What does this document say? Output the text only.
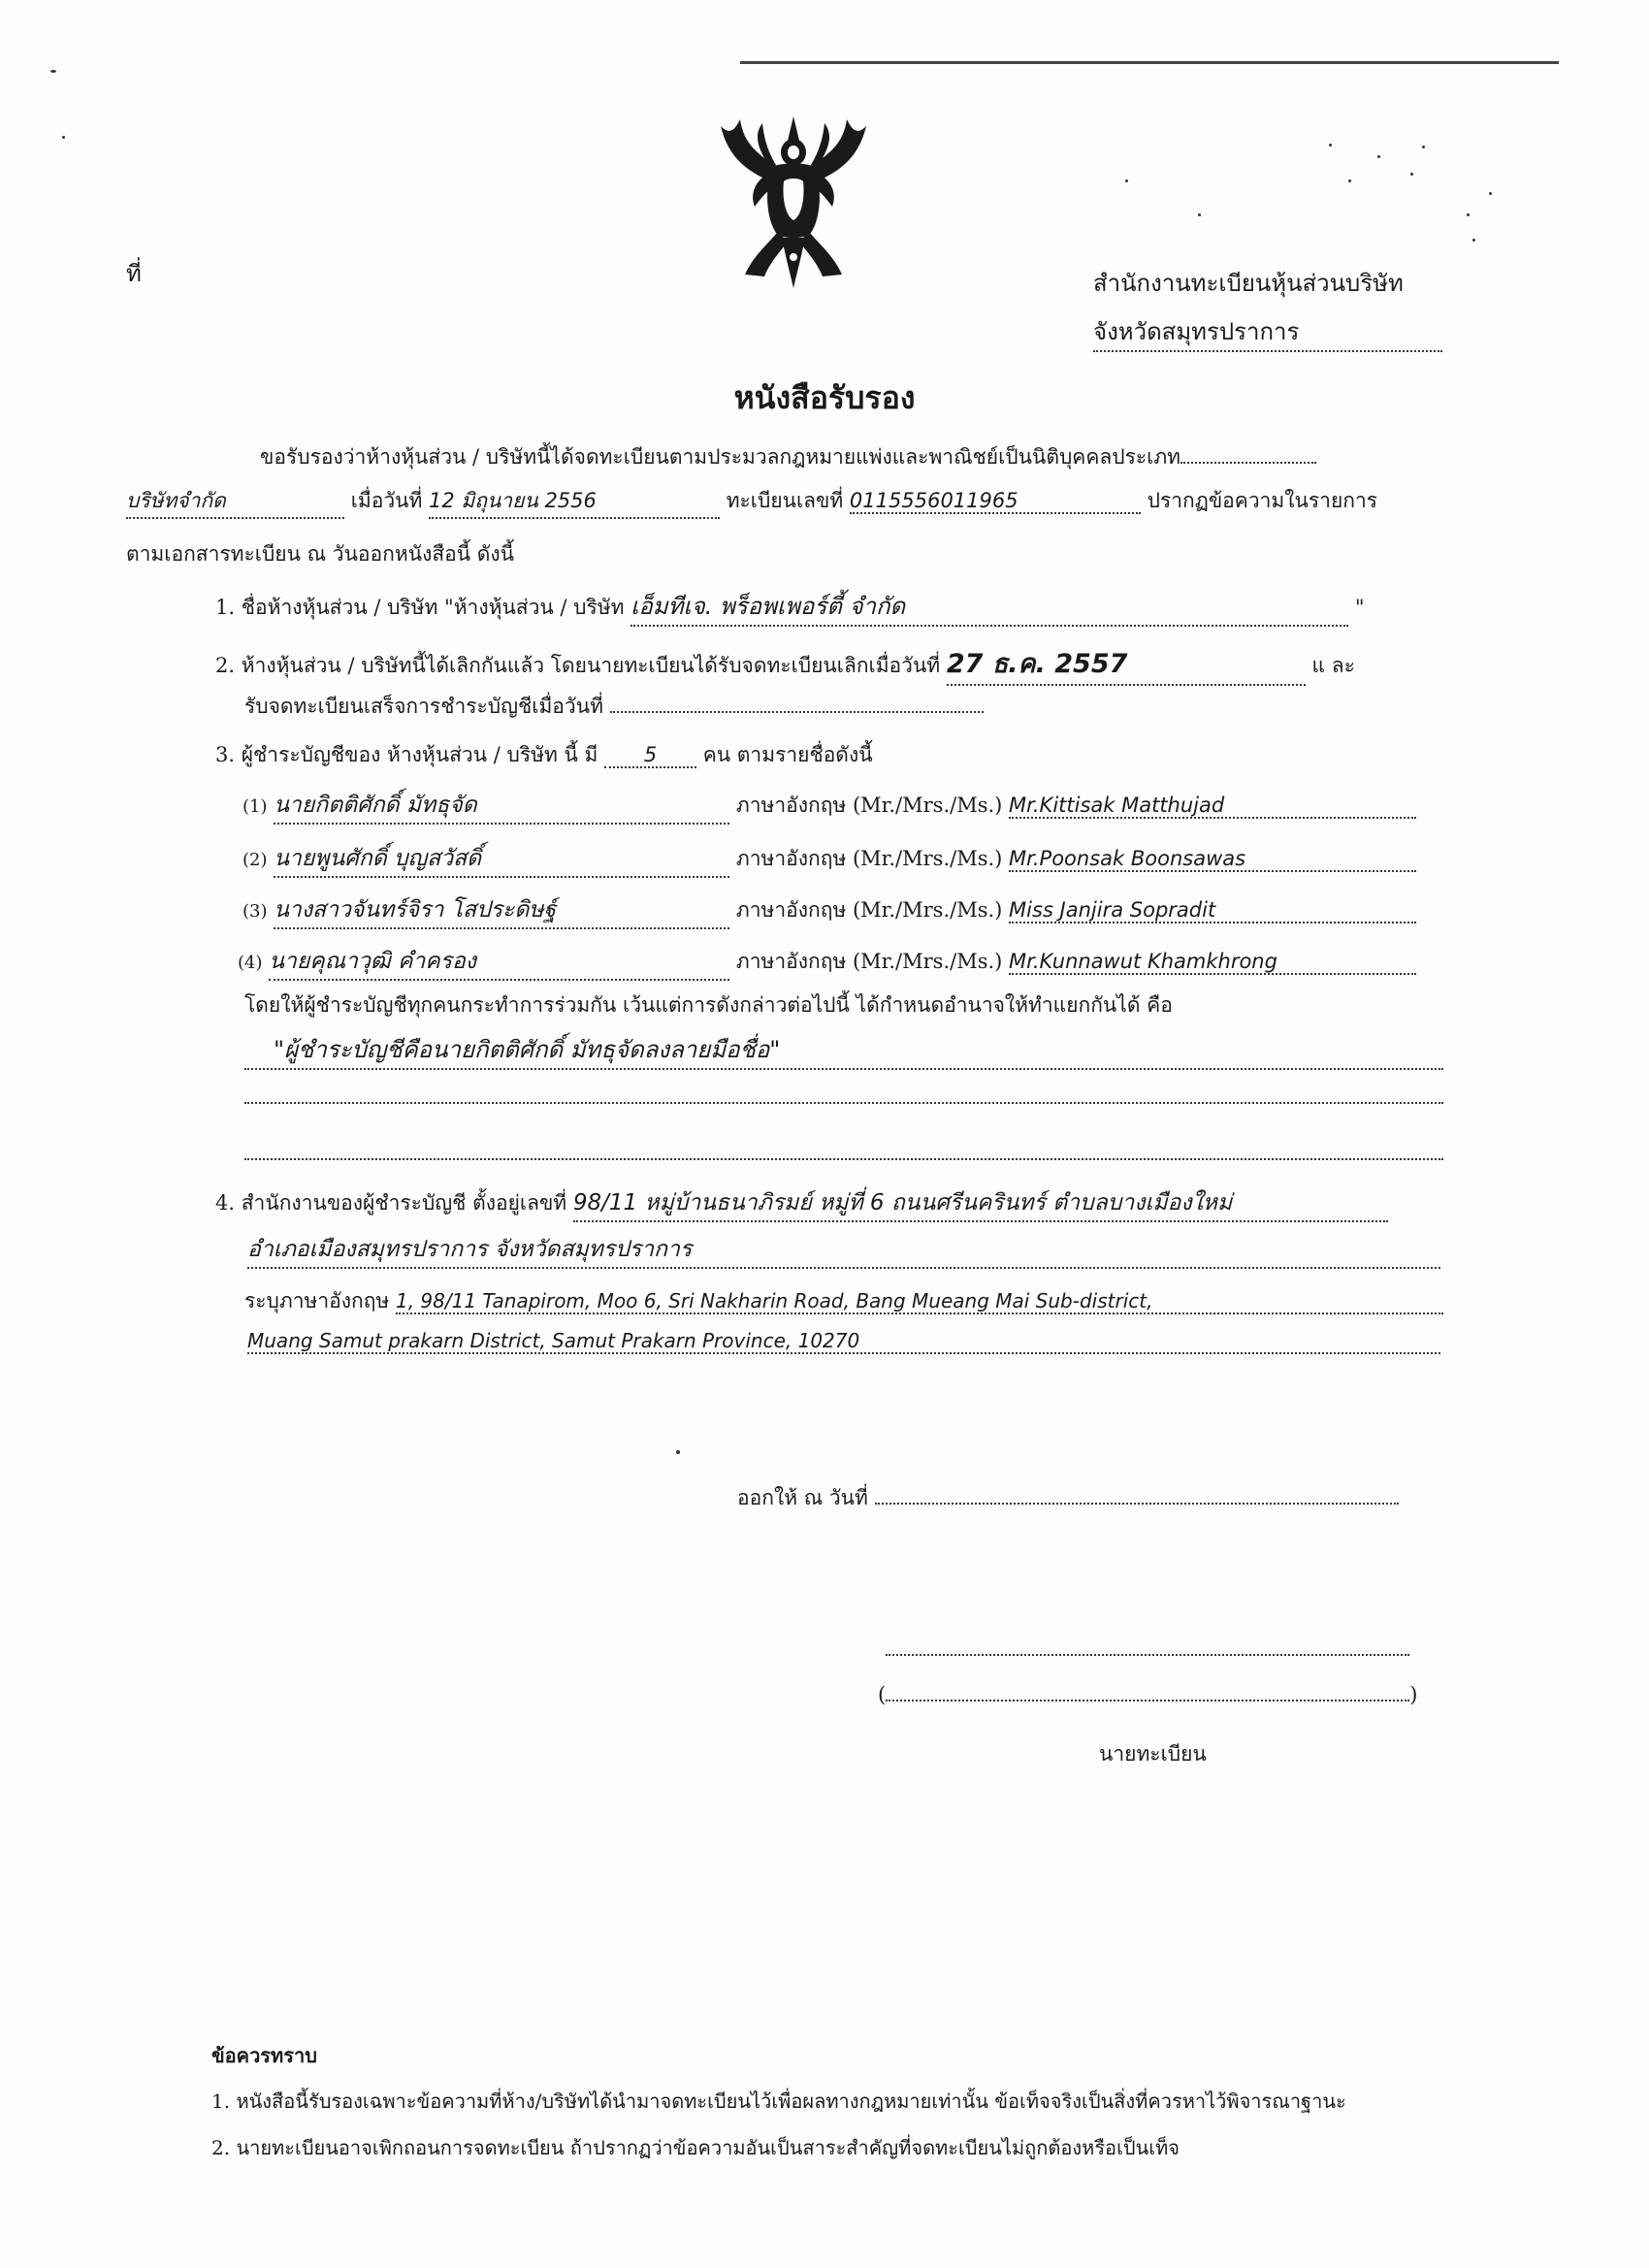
ที่	สำนักงานทะเบียนหุ้นส่วนบริษัท
จังหวัดสมุทรปราการ
หนังสือรับรอง
ขอรับรองว่าห้างหุ้นส่วน / บริษัทนี้ได้จดทะเบียนตามประมวลกฎหมายแพ่งและพาณิชย์เป็นนิติบุคคลประเภท
บริษัทจำกัด	เมื่อวันที่ 12 มิถุนายน 2556	ทะเบียนเลขที่ 0115556011965	ปรากฏข้อความในรายการ
ตามเอกสารทะเบียน ณ วันออกหนังสือนี้ ดังนี้
1. ชื่อห้างหุ้นส่วน / บริษัท "ห้างหุ้นส่วน / บริษัท เอ็มทีเจ. พร็อพเพอร์ตี้ จำกัด	"
2. ห้างหุ้นส่วน / บริษัทนี้ได้เลิกกันแล้ว โดยนายทะเบียนได้รับจดทะเบียนเลิกเมื่อวันที่ 27 ธ.ค. 2557	แ ละ
รับจดทะเบียนเสร็จการชำระบัญชีเมื่อวันที่
3. ผู้ชำระบัญชีของ ห้างหุ้นส่วน / บริษัท นี้ มี 5 คน ตามรายชื่อดังนี้
(1) นายกิตติศักดิ์ มัทธุจัด	ภาษาอังกฤษ (Mr./Mrs./Ms.) Mr.Kittisak Matthujad
(2) นายพูนศักดิ์ บุญสวัสดิ์	ภาษาอังกฤษ (Mr./Mrs./Ms.) Mr.Poonsak Boonsawas
(3) นางสาวจันทร์จิรา โสประดิษฐ์	ภาษาอังกฤษ (Mr./Mrs./Ms.) Miss Janjira Sopradit
(4) นายคุณาวุฒิ คำครอง	ภาษาอังกฤษ (Mr./Mrs./Ms.) Mr.Kunnawut Khamkhrong
โดยให้ผู้ชำระบัญชีทุกคนกระทำการร่วมกัน เว้นแต่การดังกล่าวต่อไปนี้ ได้กำหนดอำนาจให้ทำแยกกันได้ คือ
"ผู้ชำระบัญชีคือนายกิตติศักดิ์ มัทธุจัดลงลายมือชื่อ"
4. สำนักงานของผู้ชำระบัญชี ตั้งอยู่เลขที่ 98/11 หมู่บ้านธนาภิรมย์ หมู่ที่ 6 ถนนศรีนครินทร์ ตำบลบางเมืองใหม่
อำเภอเมืองสมุทรปราการ จังหวัดสมุทรปราการ
ระบุภาษาอังกฤษ 1, 98/11 Tanapirom, Moo 6, Sri Nakharin Road, Bang Mueang Mai Sub-district,
Muang Samut prakarn District, Samut Prakarn Province, 10270
ออกให้ ณ วันที่
(	)
นายทะเบียน
ข้อควรทราบ
1. หนังสือนี้รับรองเฉพาะข้อความที่ห้าง/บริษัทได้นำมาจดทะเบียนไว้เพื่อผลทางกฎหมายเท่านั้น ข้อเท็จจริงเป็นสิ่งที่ควรหาไว้พิจารณาฐานะ
2. นายทะเบียนอาจเพิกถอนการจดทะเบียน ถ้าปรากฏว่าข้อความอันเป็นสาระสำคัญที่จดทะเบียนไม่ถูกต้องหรือเป็นเท็จ
